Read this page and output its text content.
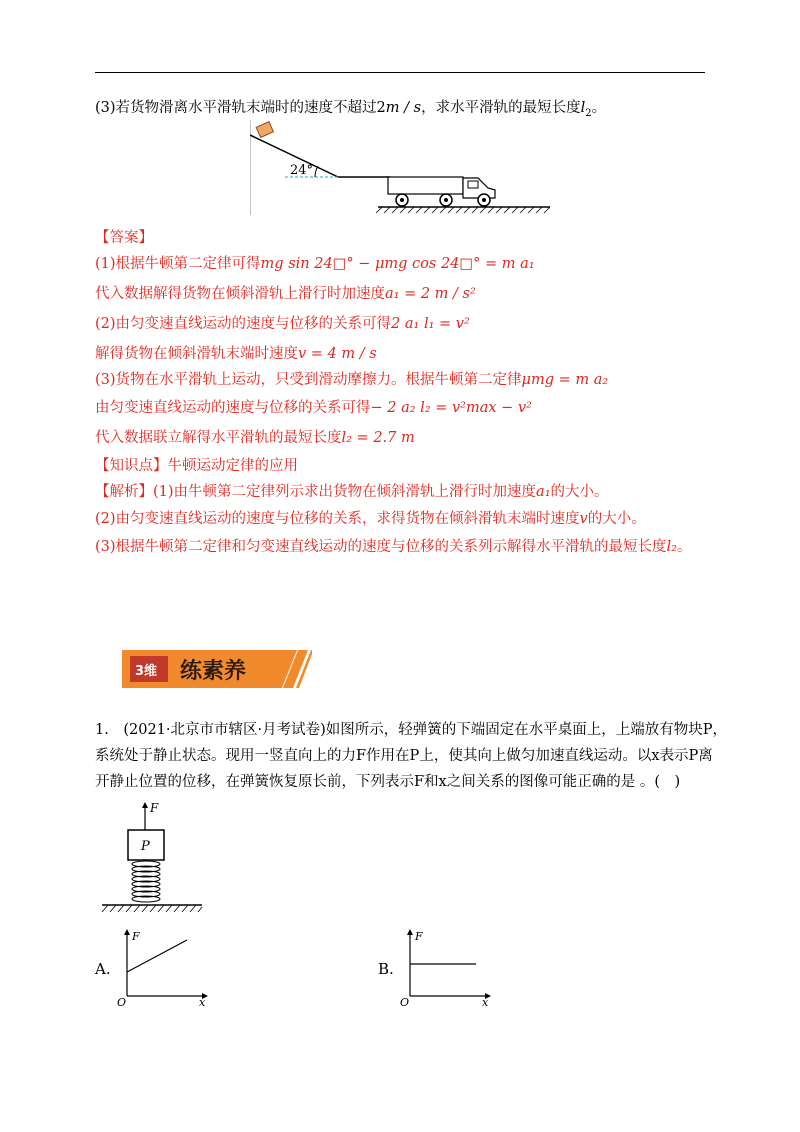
(3)若货物滑离水平滑轨末端时的速度不超过2m / s，求水平滑轨的最短长度$l_2$。
24°
【答案】
(1)根据牛顿第二定律可得mg sin 24□° − μmg cos 24□° = m a₁
代入数据解得货物在倾斜滑轨上滑行时加速度a₁ = 2 m / s²
(2)由匀变速直线运动的速度与位移的关系可得2 a₁ l₁ = v²
解得货物在倾斜滑轨末端时速度v = 4 m / s
(3)货物在水平滑轨上运动，只受到滑动摩擦力。根据牛顿第二定律μmg = m a₂
由匀变速直线运动的速度与位移的关系可得− 2 a₂ l₂ = v²max − v²
代入数据联立解得水平滑轨的最短长度l₂ = 2.7 m
【知识点】牛顿运动定律的应用
【解析】(1)由牛顿第二定律列示求出货物在倾斜滑轨上滑行时加速度a₁的大小。
(2)由匀变速直线运动的速度与位移的关系，求得货物在倾斜滑轨末端时速度v的大小。
(3)根据牛顿第二定律和匀变速直线运动的速度与位移的关系列示解得水平滑轨的最短长度l₂。
3维 练素养
1.　(2021·北京市市辖区·月考试卷)如图所示，轻弹簧的下端固定在水平桌面上，上端放有物块P，
系统处于静止状态。现用一竖直向上的力F作用在P上，使其向上做匀加速直线运动。以x表示P离
开静止位置的位移，在弹簧恢复原长前，下列表示F和x之间关系的图像可能正确的是 。(　)
F
P
A.
F
x
O
B.
F
x
O
